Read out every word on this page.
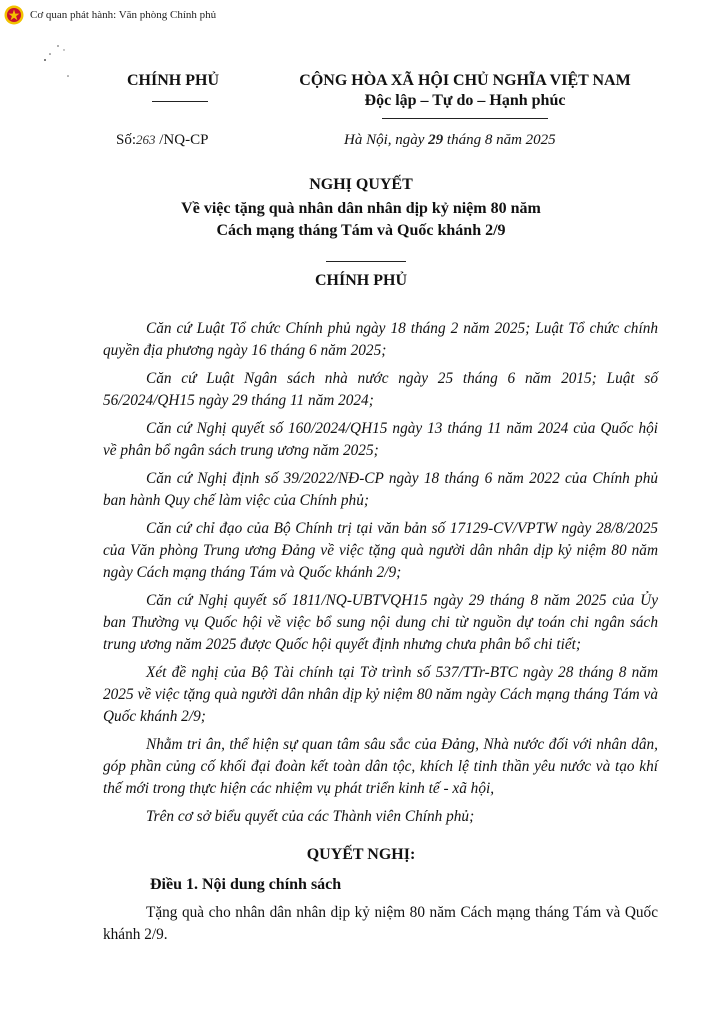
Cơ quan phát hành: Văn phòng Chính phủ
CHÍNH PHỦ	CỘNG HÒA XÃ HỘI CHỦ NGHĨA VIỆT NAM
Độc lập – Tự do – Hạnh phúc
Số:263 /NQ-CP	Hà Nội, ngày 29 tháng 8 năm 2025
NGHỊ QUYẾT
Về việc tặng quà nhân dân nhân dịp kỷ niệm 80 năm
Cách mạng tháng Tám và Quốc khánh 2/9
CHÍNH PHỦ

Căn cứ Luật Tổ chức Chính phủ ngày 18 tháng 2 năm 2025; Luật Tổ chức chính quyền địa phương ngày 16 tháng 6 năm 2025;

Căn cứ Luật Ngân sách nhà nước ngày 25 tháng 6 năm 2015; Luật số 56/2024/QH15 ngày 29 tháng 11 năm 2024;

Căn cứ Nghị quyết số 160/2024/QH15 ngày 13 tháng 11 năm 2024 của Quốc hội về phân bổ ngân sách trung ương năm 2025;

Căn cứ Nghị định số 39/2022/NĐ-CP ngày 18 tháng 6 năm 2022 của Chính phủ ban hành Quy chế làm việc của Chính phủ;

Căn cứ chỉ đạo của Bộ Chính trị tại văn bản số 17129-CV/VPTW ngày 28/8/2025 của Văn phòng Trung ương Đảng về việc tặng quà người dân nhân dịp kỷ niệm 80 năm ngày Cách mạng tháng Tám và Quốc khánh 2/9;

Căn cứ Nghị quyết số 1811/NQ-UBTVQH15 ngày 29 tháng 8 năm 2025 của Ủy ban Thường vụ Quốc hội về việc bổ sung nội dung chi từ nguồn dự toán chi ngân sách trung ương năm 2025 được Quốc hội quyết định nhưng chưa phân bổ chi tiết;

Xét đề nghị của Bộ Tài chính tại Tờ trình số 537/TTr-BTC ngày 28 tháng 8 năm 2025 về việc tặng quà người dân nhân dịp kỷ niệm 80 năm ngày Cách mạng tháng Tám và Quốc khánh 2/9;

Nhằm tri ân, thể hiện sự quan tâm sâu sắc của Đảng, Nhà nước đối với nhân dân, góp phần củng cố khối đại đoàn kết toàn dân tộc, khích lệ tinh thần yêu nước và tạo khí thế mới trong thực hiện các nhiệm vụ phát triển kinh tế - xã hội,

Trên cơ sở biểu quyết của các Thành viên Chính phủ;

QUYẾT NGHỊ:
Điều 1. Nội dung chính sách
Tặng quà cho nhân dân nhân dịp kỷ niệm 80 năm Cách mạng tháng Tám và Quốc khánh 2/9.
